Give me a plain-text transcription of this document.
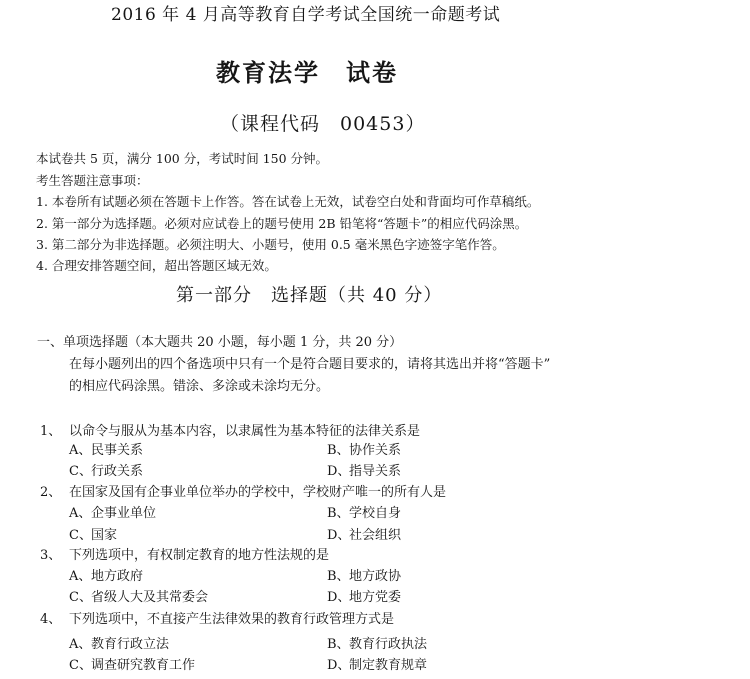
2016 年 4 月高等教育自学考试全国统一命题考试
教育法学　试卷
（课程代码　00453）
本试卷共 5 页，满分 100 分，考试时间 150 分钟。
考生答题注意事项：
1. 本卷所有试题必须在答题卡上作答。答在试卷上无效，试卷空白处和背面均可作草稿纸。
2. 第一部分为选择题。必须对应试卷上的题号使用 2B 铅笔将“答题卡”的相应代码涂黑。
3. 第二部分为非选择题。必须注明大、小题号，使用 0.5 毫米黑色字迹签字笔作答。
4. 合理安排答题空间，超出答题区域无效。
第一部分　选择题（共 40 分）
一、单项选择题（本大题共 20 小题，每小题 1 分，共 20 分）
在每小题列出的四个备选项中只有一个是符合题目要求的，请将其选出并将“答题卡”
的相应代码涂黑。错涂、多涂或未涂均无分。
1、 以命令与服从为基本内容，以隶属性为基本特征的法律关系是
A、民事关系	B、协作关系
C、行政关系	D、指导关系
2、 在国家及国有企事业单位举办的学校中，学校财产唯一的所有人是
A、企事业单位	B、学校自身
C、国家	D、社会组织
3、 下列选项中，有权制定教育的地方性法规的是
A、地方政府	B、地方政协
C、省级人大及其常委会	D、地方党委
4、 下列选项中，不直接产生法律效果的教育行政管理方式是
A、教育行政立法	B、教育行政执法
C、调查研究教育工作	D、制定教育规章
